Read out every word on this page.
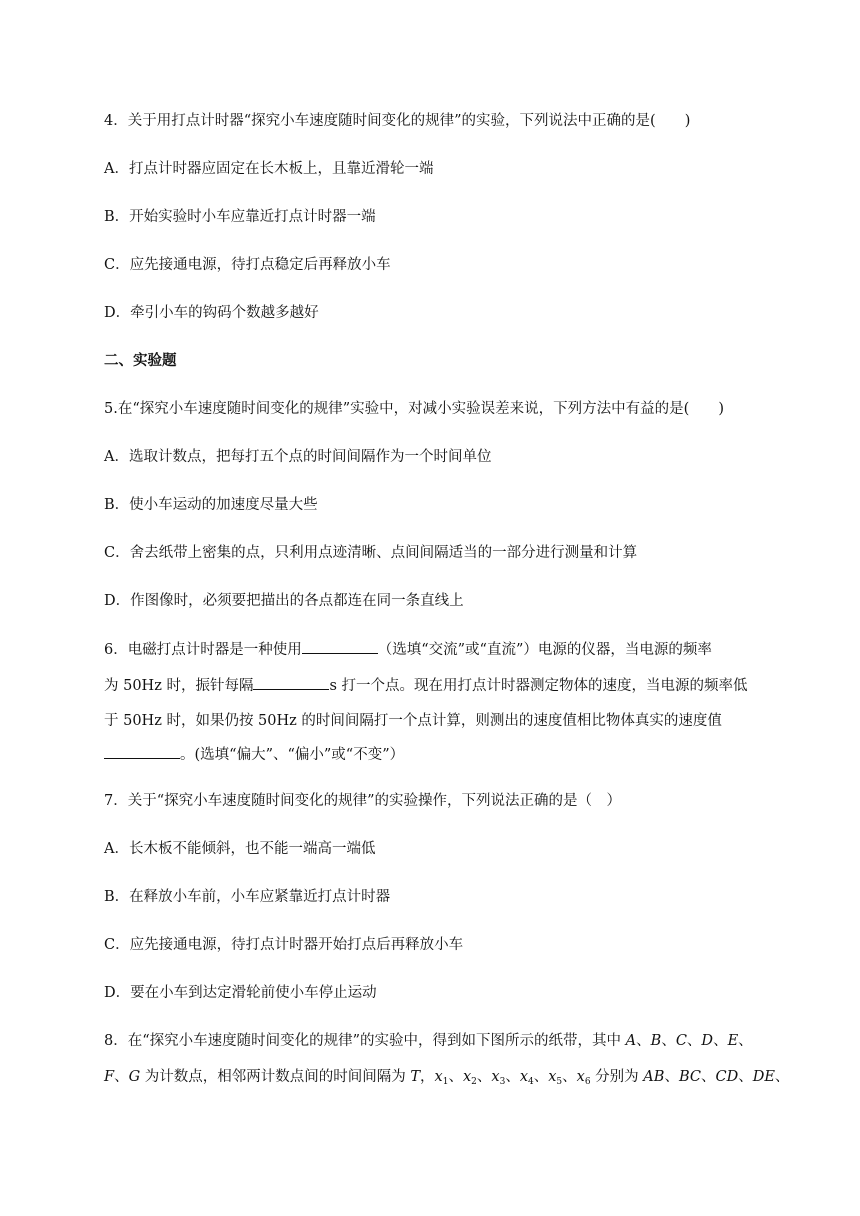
4．关于用打点计时器“探究小车速度随时间变化的规律”的实验，下列说法中正确的是(　　)
A．打点计时器应固定在长木板上，且靠近滑轮一端
B．开始实验时小车应靠近打点计时器一端
C．应先接通电源，待打点稳定后再释放小车
D．牵引小车的钩码个数越多越好
二、实验题
5.在“探究小车速度随时间变化的规律”实验中，对减小实验误差来说，下列方法中有益的是(　　)
A．选取计数点，把每打五个点的时间间隔作为一个时间单位
B．使小车运动的加速度尽量大些
C．舍去纸带上密集的点，只利用点迹清晰、点间间隔适当的一部分进行测量和计算
D．作图像时，必须要把描出的各点都连在同一条直线上
6．电磁打点计时器是一种使用	（选填“交流”或“直流”）电源的仪器，当电源的频率
为 50Hz 时，振针每隔	s 打一个点。现在用打点计时器测定物体的速度，当电源的频率低
于 50Hz 时，如果仍按 50Hz 的时间间隔打一个点计算，则测出的速度值相比物体真实的速度值
。(选填“偏大”、“偏小”或“不变”）
7．关于“探究小车速度随时间变化的规律”的实验操作，下列说法正确的是（　）
A．长木板不能倾斜，也不能一端高一端低
B．在释放小车前，小车应紧靠近打点计时器
C．应先接通电源，待打点计时器开始打点后再释放小车
D．要在小车到达定滑轮前使小车停止运动
8．在“探究小车速度随时间变化的规律”的实验中，得到如下图所示的纸带，其中 A、B、C、D、E、
F、G 为计数点，相邻两计数点间的时间间隔为 T，$x_1$、$x_2$、$x_3$、$x_4$、$x_5$、$x_6$ 分别为 AB、BC、CD、DE、
